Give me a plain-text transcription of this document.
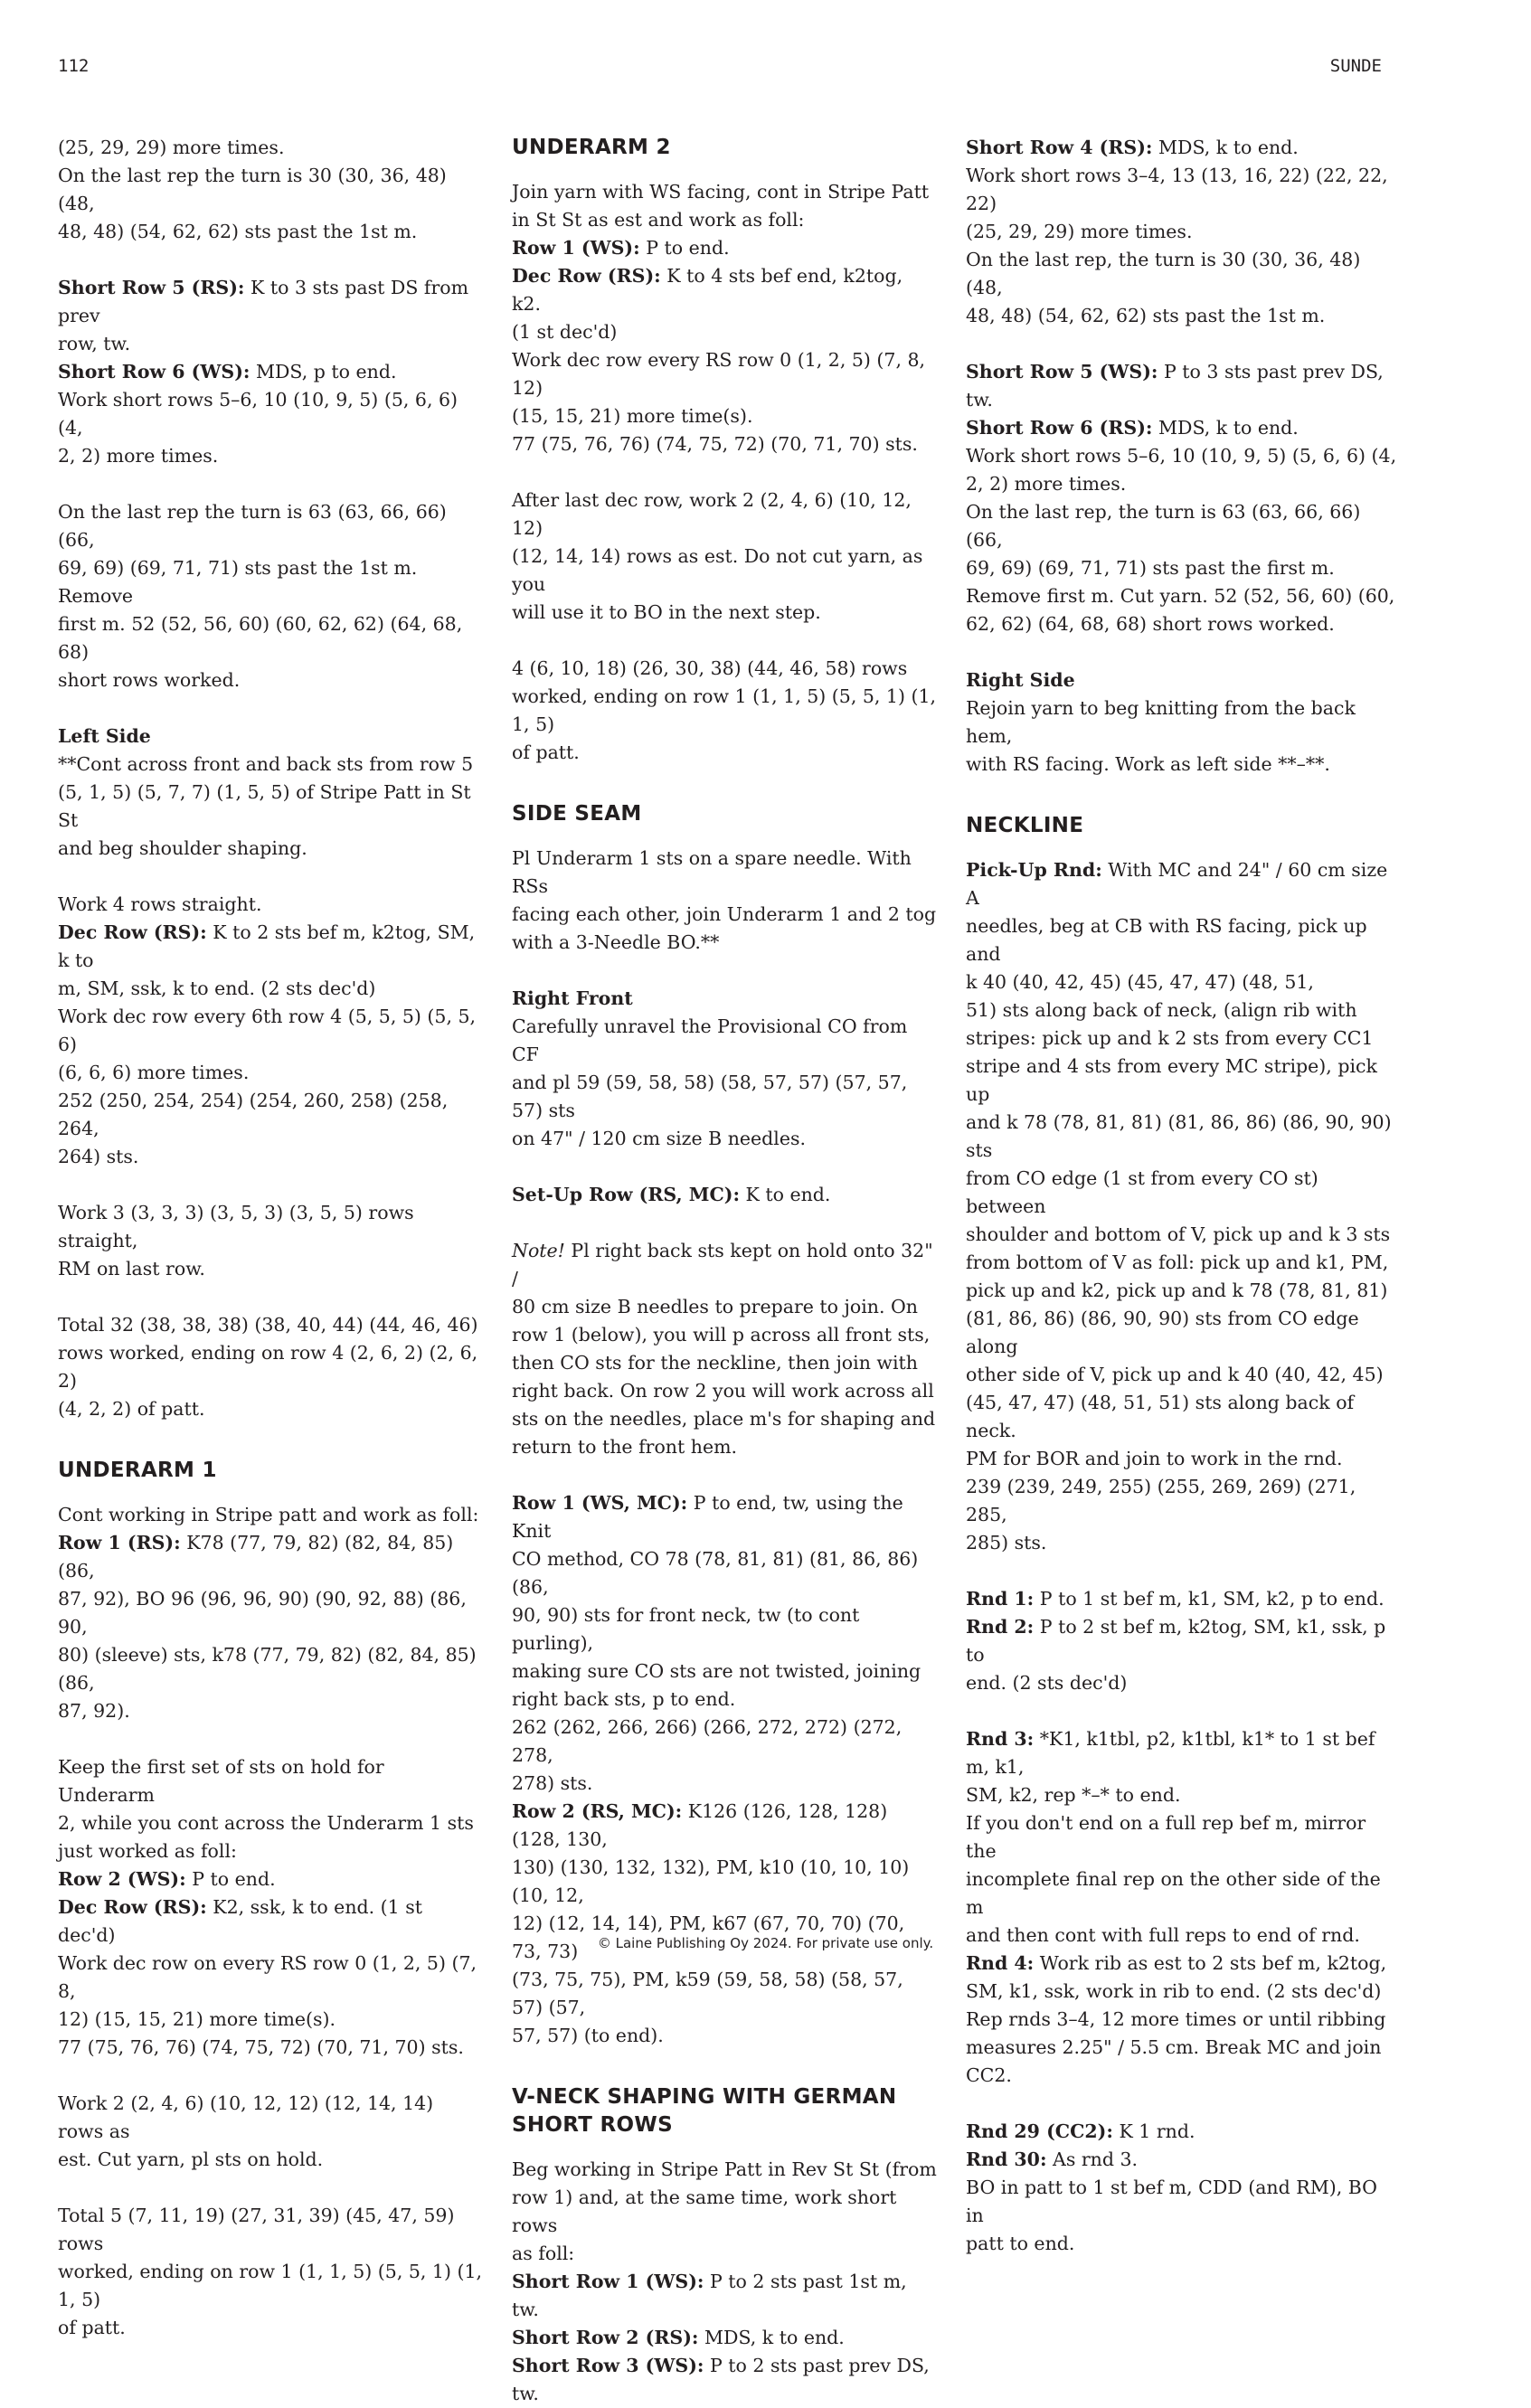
112	SUNDE

(25, 29, 29) more times.
On the last rep the turn is 30 (30, 36, 48) (48,
48, 48) (54, 62, 62) sts past the 1st m.

Short Row 5 (RS): K to 3 sts past DS from prev
row, tw.
Short Row 6 (WS): MDS, p to end.
Work short rows 5–6, 10 (10, 9, 5) (5, 6, 6) (4,
2, 2) more times.

On the last rep the turn is 63 (63, 66, 66) (66,
69, 69) (69, 71, 71) sts past the 1st m. Remove
first m. 52 (52, 56, 60) (60, 62, 62) (64, 68, 68)
short rows worked.

Left Side
**Cont across front and back sts from row 5
(5, 1, 5) (5, 7, 7) (1, 5, 5) of Stripe Patt in St St
and beg shoulder shaping.

Work 4 rows straight.
Dec Row (RS): K to 2 sts bef m, k2tog, SM, k to
m, SM, ssk, k to end. (2 sts dec'd)
Work dec row every 6th row 4 (5, 5, 5) (5, 5, 6)
(6, 6, 6) more times.
252 (250, 254, 254) (254, 260, 258) (258, 264,
264) sts.

Work 3 (3, 3, 3) (3, 5, 3) (3, 5, 5) rows straight,
RM on last row.

Total 32 (38, 38, 38) (38, 40, 44) (44, 46, 46)
rows worked, ending on row 4 (2, 6, 2) (2, 6, 2)
(4, 2, 2) of patt.

UNDERARM 1

Cont working in Stripe patt and work as foll:
Row 1 (RS): K78 (77, 79, 82) (82, 84, 85) (86,
87, 92), BO 96 (96, 96, 90) (90, 92, 88) (86, 90,
80) (sleeve) sts, k78 (77, 79, 82) (82, 84, 85) (86,
87, 92).

Keep the first set of sts on hold for Underarm
2, while you cont across the Underarm 1 sts
just worked as foll:
Row 2 (WS): P to end.
Dec Row (RS): K2, ssk, k to end. (1 st dec'd)
Work dec row on every RS row 0 (1, 2, 5) (7, 8,
12) (15, 15, 21) more time(s).
77 (75, 76, 76) (74, 75, 72) (70, 71, 70) sts.

Work 2 (2, 4, 6) (10, 12, 12) (12, 14, 14) rows as
est. Cut yarn, pl sts on hold.

Total 5 (7, 11, 19) (27, 31, 39) (45, 47, 59) rows
worked, ending on row 1 (1, 1, 5) (5, 5, 1) (1, 1, 5)
of patt.

UNDERARM 2

Join yarn with WS facing, cont in Stripe Patt
in St St as est and work as foll:
Row 1 (WS): P to end.
Dec Row (RS): K to 4 sts bef end, k2tog, k2.
(1 st dec'd)
Work dec row every RS row 0 (1, 2, 5) (7, 8, 12)
(15, 15, 21) more time(s).
77 (75, 76, 76) (74, 75, 72) (70, 71, 70) sts.

After last dec row, work 2 (2, 4, 6) (10, 12, 12)
(12, 14, 14) rows as est. Do not cut yarn, as you
will use it to BO in the next step.

4 (6, 10, 18) (26, 30, 38) (44, 46, 58) rows
worked, ending on row 1 (1, 1, 5) (5, 5, 1) (1, 1, 5)
of patt.

SIDE SEAM

Pl Underarm 1 sts on a spare needle. With RSs
facing each other, join Underarm 1 and 2 tog
with a 3-Needle BO.**

Right Front
Carefully unravel the Provisional CO from CF
and pl 59 (59, 58, 58) (58, 57, 57) (57, 57, 57) sts
on 47" / 120 cm size B needles.

Set-Up Row (RS, MC): K to end.

Note! Pl right back sts kept on hold onto 32" /
80 cm size B needles to prepare to join. On
row 1 (below), you will p across all front sts,
then CO sts for the neckline, then join with
right back. On row 2 you will work across all
sts on the needles, place m's for shaping and
return to the front hem.

Row 1 (WS, MC): P to end, tw, using the Knit
CO method, CO 78 (78, 81, 81) (81, 86, 86) (86,
90, 90) sts for front neck, tw (to cont purling),
making sure CO sts are not twisted, joining
right back sts, p to end.
262 (262, 266, 266) (266, 272, 272) (272, 278,
278) sts.
Row 2 (RS, MC): K126 (126, 128, 128) (128, 130,
130) (130, 132, 132), PM, k10 (10, 10, 10) (10, 12,
12) (12, 14, 14), PM, k67 (67, 70, 70) (70, 73, 73)
(73, 75, 75), PM, k59 (59, 58, 58) (58, 57, 57) (57,
57, 57) (to end).

V-NECK SHAPING WITH GERMAN
SHORT ROWS

Beg working in Stripe Patt in Rev St St (from
row 1) and, at the same time, work short rows
as foll:
Short Row 1 (WS): P to 2 sts past 1st m, tw.
Short Row 2 (RS): MDS, k to end.
Short Row 3 (WS): P to 2 sts past prev DS, tw.

Short Row 4 (RS): MDS, k to end.
Work short rows 3–4, 13 (13, 16, 22) (22, 22, 22)
(25, 29, 29) more times.
On the last rep, the turn is 30 (30, 36, 48) (48,
48, 48) (54, 62, 62) sts past the 1st m.

Short Row 5 (WS): P to 3 sts past prev DS, tw.
Short Row 6 (RS): MDS, k to end.
Work short rows 5–6, 10 (10, 9, 5) (5, 6, 6) (4,
2, 2) more times.
On the last rep, the turn is 63 (63, 66, 66) (66,
69, 69) (69, 71, 71) sts past the first m.
Remove first m. Cut yarn. 52 (52, 56, 60) (60,
62, 62) (64, 68, 68) short rows worked.

Right Side
Rejoin yarn to beg knitting from the back hem,
with RS facing. Work as left side **–**.

NECKLINE

Pick-Up Rnd: With MC and 24" / 60 cm size A
needles, beg at CB with RS facing, pick up and
k 40 (40, 42, 45) (45, 47, 47) (48, 51,
51) sts along back of neck, (align rib with
stripes: pick up and k 2 sts from every CC1
stripe and 4 sts from every MC stripe), pick up
and k 78 (78, 81, 81) (81, 86, 86) (86, 90, 90) sts
from CO edge (1 st from every CO st) between
shoulder and bottom of V, pick up and k 3 sts
from bottom of V as foll: pick up and k1, PM,
pick up and k2, pick up and k 78 (78, 81, 81)
(81, 86, 86) (86, 90, 90) sts from CO edge along
other side of V, pick up and k 40 (40, 42, 45)
(45, 47, 47) (48, 51, 51) sts along back of neck.
PM for BOR and join to work in the rnd.
239 (239, 249, 255) (255, 269, 269) (271, 285,
285) sts.

Rnd 1: P to 1 st bef m, k1, SM, k2, p to end.
Rnd 2: P to 2 st bef m, k2tog, SM, k1, ssk, p to
end. (2 sts dec'd)

Rnd 3: *K1, k1tbl, p2, k1tbl, k1* to 1 st bef m, k1,
SM, k2, rep *–* to end.
If you don't end on a full rep bef m, mirror the
incomplete final rep on the other side of the m
and then cont with full reps to end of rnd.
Rnd 4: Work rib as est to 2 sts bef m, k2tog,
SM, k1, ssk, work in rib to end. (2 sts dec'd)
Rep rnds 3–4, 12 more times or until ribbing
measures 2.25" / 5.5 cm. Break MC and join
CC2.

Rnd 29 (CC2): K 1 rnd.
Rnd 30: As rnd 3.
BO in patt to 1 st bef m, CDD (and RM), BO in
patt to end.

© Laine Publishing Oy 2024. For private use only.
